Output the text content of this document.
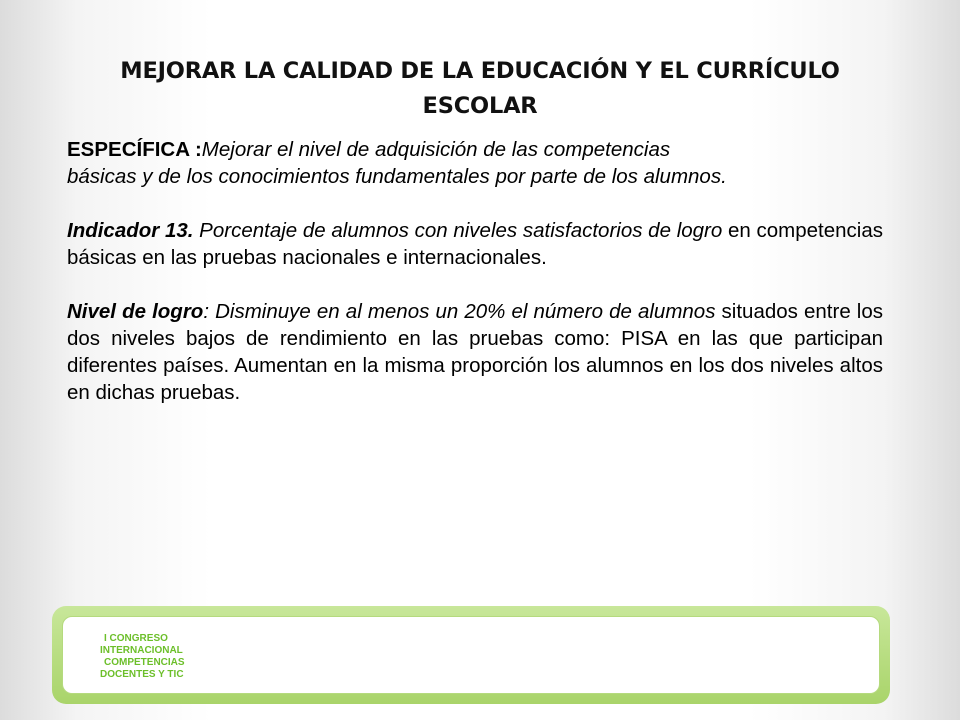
MEJORAR LA CALIDAD DE LA EDUCACIÓN Y EL CURRÍCULO ESCOLAR

ESPECÍFICA :Mejorar el nivel de adquisición de las competencias
básicas y de los conocimientos fundamentales por parte de los alumnos.

Indicador 13. Porcentaje de alumnos con niveles satisfactorios de logro en competencias básicas en las pruebas nacionales e internacionales.

Nivel de logro: Disminuye en al menos un 20% el número de alumnos situados entre los dos niveles bajos de rendimiento en las pruebas como: PISA en las que participan diferentes países. Aumentan en la misma proporción los alumnos en los dos niveles altos en dichas pruebas.

I CONGRESO
INTERNACIONAL
COMPETENCIAS
DOCENTES Y TIC
